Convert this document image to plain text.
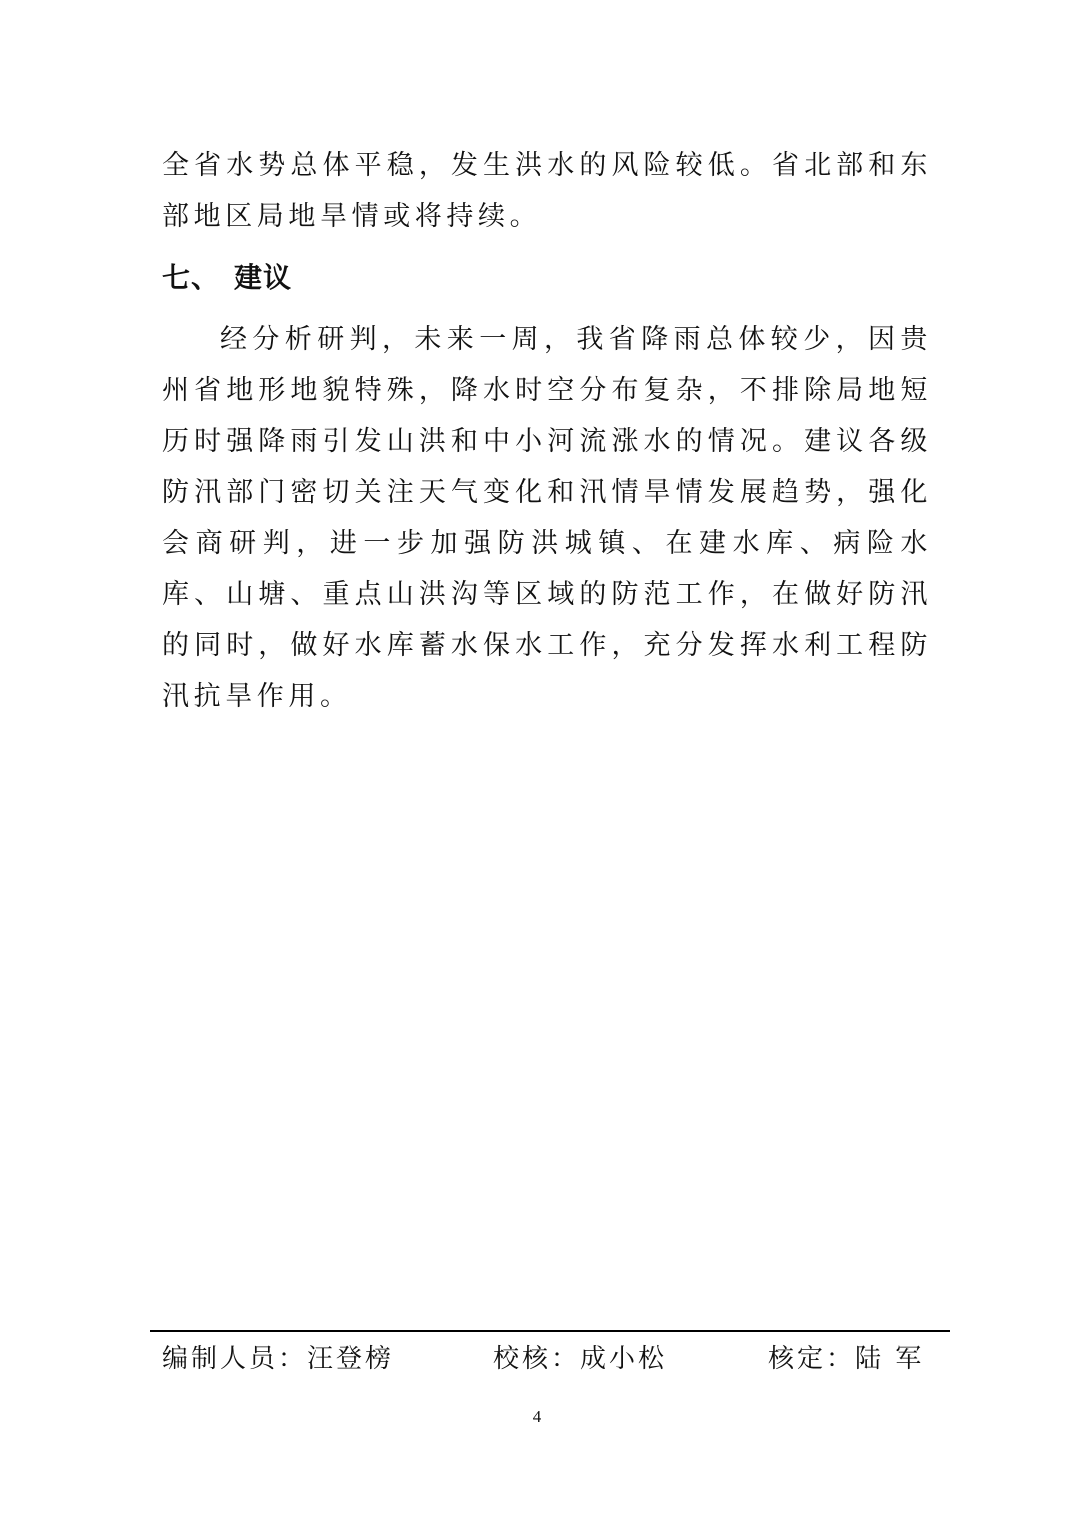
全省水势总体平稳，发生洪水的风险较低。省北部和东部地区局地旱情或将持续。

七、 建议

经分析研判，未来一周，我省降雨总体较少，因贵州省地形地貌特殊，降水时空分布复杂，不排除局地短历时强降雨引发山洪和中小河流涨水的情况。建议各级防汛部门密切关注天气变化和汛情旱情发展趋势，强化会商研判，进一步加强防洪城镇、在建水库、病险水库、山塘、重点山洪沟等区域的防范工作，在做好防汛的同时，做好水库蓄水保水工作，充分发挥水利工程防汛抗旱作用。

编制人员：汪登榜	校核：成小松	核定：陆 军
4
